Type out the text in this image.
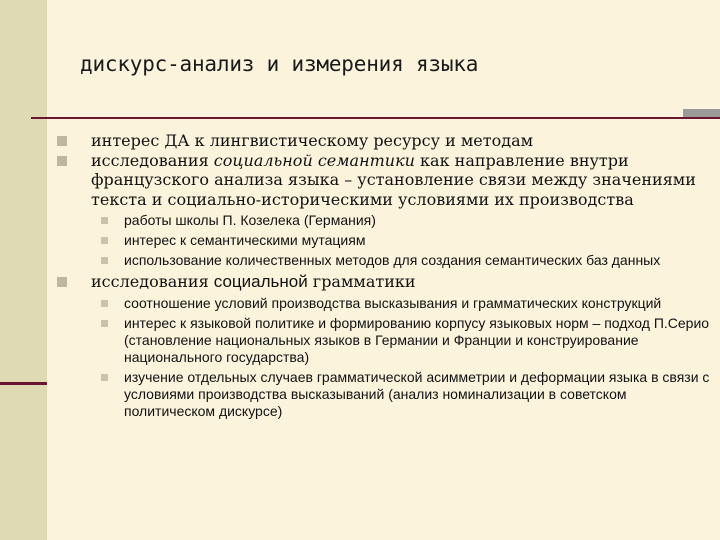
дискурс-анализ и измерения языка
интерес ДА к лингвистическому ресурсу и методам
исследования социальной семантики как направление внутри французского анализа языка – установление связи между значениями текста и социально-историческими условиями их производства
работы школы П. Козелека (Германия)
интерес к семантическими мутациям
использование количественных методов для создания семантических баз данных
исследования социальной грамматики
соотношение условий производства высказывания и грамматических конструкций
интерес к языковой политике и формированию корпусу языковых норм – подход П.Серио (становление национальных языков в Германии и Франции и конструирование национального государства)
изучение отдельных случаев грамматической асимметрии и деформации языка в связи с условиями производства высказываний (анализ номинализации в советском политическом дискурсе)
